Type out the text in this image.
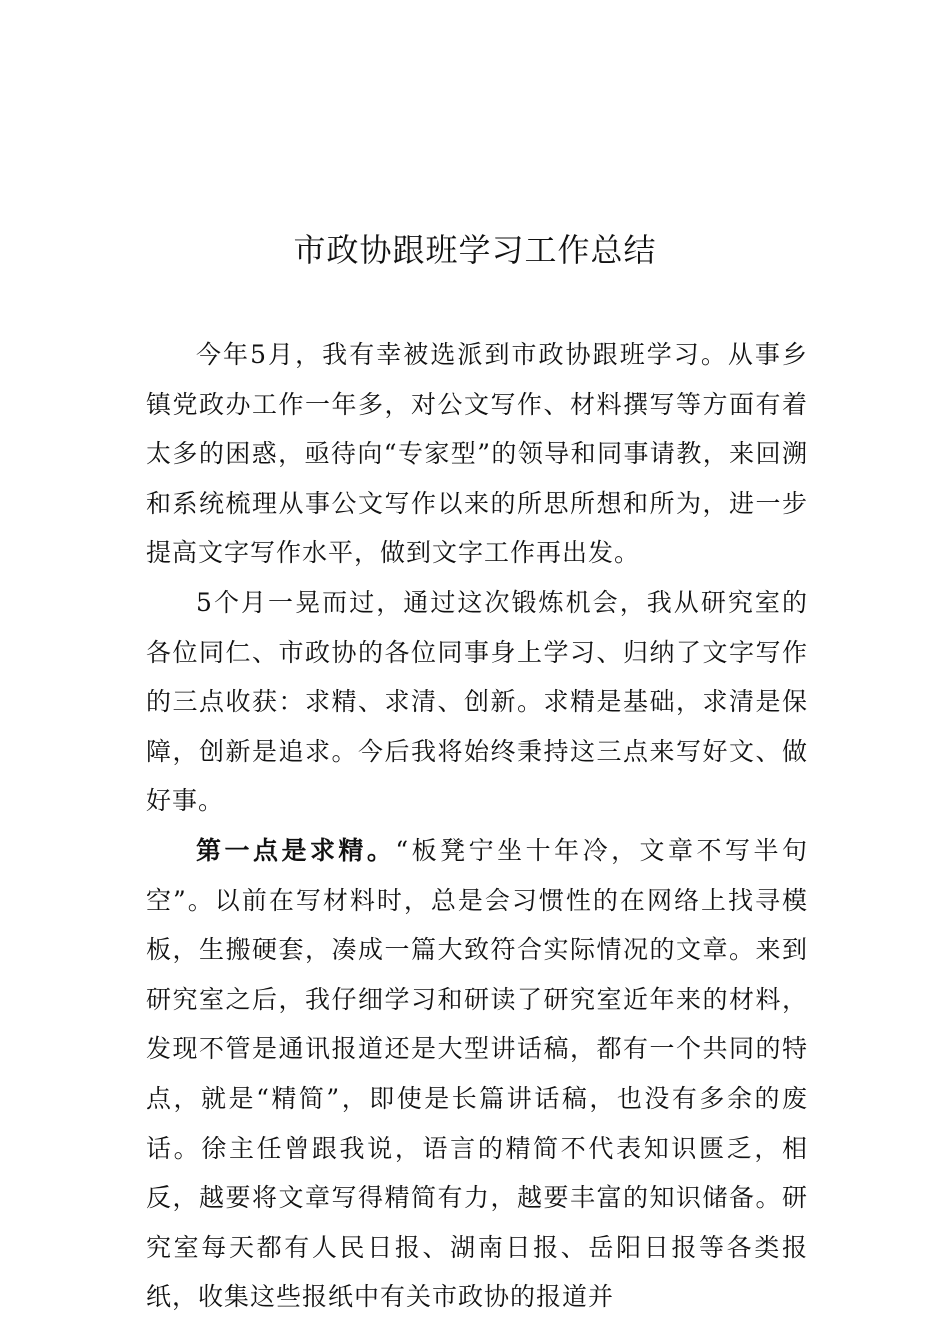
市政协跟班学习工作总结

今年5月，我有幸被选派到市政协跟班学习。从事乡镇党政办工作一年多，对公文写作、材料撰写等方面有着太多的困惑，亟待向“专家型”的领导和同事请教，来回溯和系统梳理从事公文写作以来的所思所想和所为，进一步提高文字写作水平，做到文字工作再出发。

5个月一晃而过，通过这次锻炼机会，我从研究室的各位同仁、市政协的各位同事身上学习、归纳了文字写作的三点收获：求精、求清、创新。求精是基础，求清是保障，创新是追求。今后我将始终秉持这三点来写好文、做好事。

第一点是求精。“板凳宁坐十年冷，文章不写半句空”。以前在写材料时，总是会习惯性的在网络上找寻模板，生搬硬套，凑成一篇大致符合实际情况的文章。来到研究室之后，我仔细学习和研读了研究室近年来的材料，发现不管是通讯报道还是大型讲话稿，都有一个共同的特点，就是“精简”，即使是长篇讲话稿，也没有多余的废话。徐主任曾跟我说，语言的精简不代表知识匮乏，相反，越要将文章写得精简有力，越要丰富的知识储备。研究室每天都有人民日报、湖南日报、岳阳日报等各类报纸，收集这些报纸中有关市政协的报道并
